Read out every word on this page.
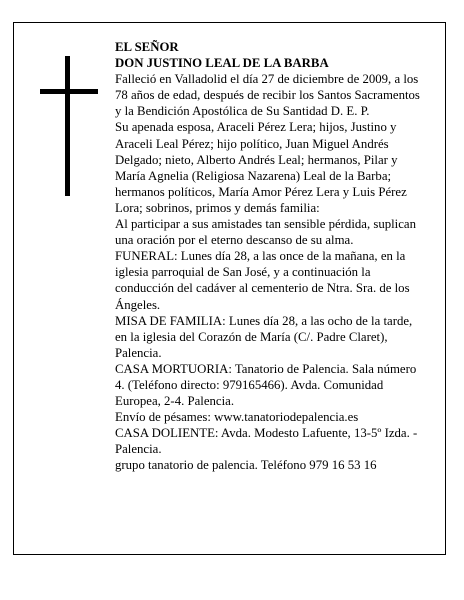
EL SEÑOR

DON JUSTINO LEAL DE LA BARBA

Falleció en Valladolid el día 27 de diciembre de 2009, a los 78 años de edad, después de recibir los Santos Sacramentos y la Bendición Apostólica de Su Santidad D. E. P.

Su apenada esposa, Araceli Pérez Lera; hijos, Justino y Araceli Leal Pérez; hijo político, Juan Miguel Andrés Delgado; nieto, Alberto Andrés Leal; hermanos, Pilar y María Agnelia (Religiosa Nazarena) Leal de la Barba; hermanos políticos, María Amor Pérez Lera y Luis Pérez Lora; sobrinos, primos y demás familia:

Al participar a sus amistades tan sensible pérdida, suplican una oración por el eterno descanso de su alma.

FUNERAL: Lunes día 28, a las once de la mañana, en la iglesia parroquial de San José, y a continuación la conducción del cadáver al cementerio de Ntra. Sra. de los Ángeles.

MISA DE FAMILIA: Lunes día 28, a las ocho de la tarde, en la iglesia del Corazón de María (C/. Padre Claret), Palencia.

CASA MORTUORIA: Tanatorio de Palencia. Sala número 4. (Teléfono directo: 979165466). Avda. Comunidad Europea, 2-4. Palencia.

Envío de pésames: www.tanatoriodepalencia.es

CASA DOLIENTE: Avda. Modesto Lafuente, 13-5º Izda. - Palencia.

grupo tanatorio de palencia. Teléfono 979 16 53 16
